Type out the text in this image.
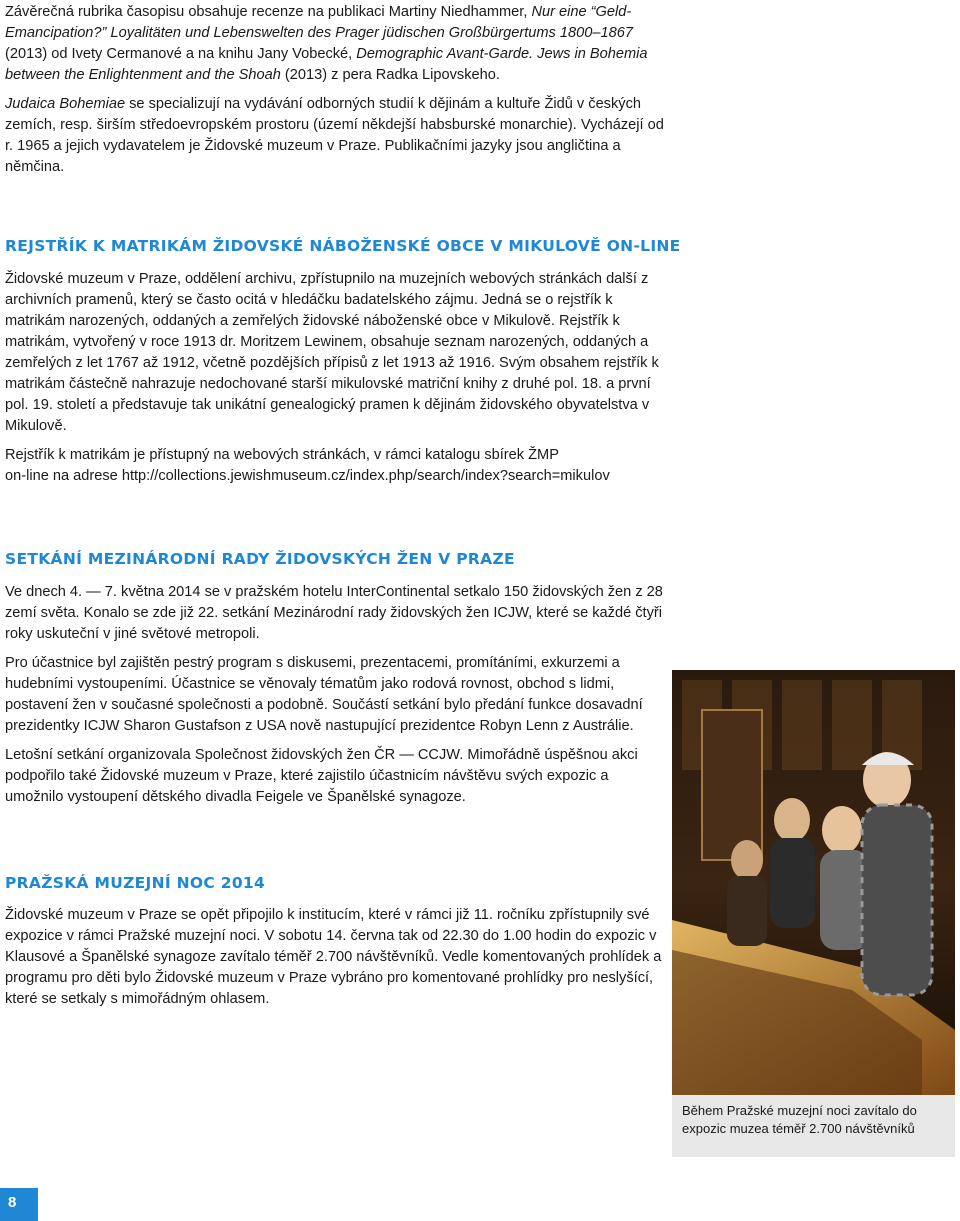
Závěrečná rubrika časopisu obsahuje recenze na publikaci Martiny Niedhammer, Nur eine “Geld-Emancipation?” Loyalitäten und Lebenswelten des Prager jüdischen Großbürgertums 1800–1867 (2013) od Ivety Cermanové a na knihu Jany Vobecké, Demographic Avant-Garde. Jews in Bohemia between the Enlightenment and the Shoah (2013) z pera Radka Lipovskeho.

Judaica Bohemiae se specializují na vydávání odborných studií k dějinám a kultuře Židů v českých zemích, resp. širším středoevropském prostoru (území někdejší habsburské monarchie). Vycházejí od r. 1965 a jejich vydavatelem je Židovské muzeum v Praze. Publikačními jazyky jsou angličtina a němčina.

REJSTŘÍK K MATRIKÁM ŽIDOVSKÉ NÁBOŽENSKÉ OBCE V MIKULOVĚ ON-LINE

Židovské muzeum v Praze, oddělení archivu, zpřístupnilo na muzejních webových stránkách další z archivních pramenů, který se často ocitá v hledáčku badatelského zájmu. Jedná se o rejstřík k matrikám narozených, oddaných a zemřelých židovské náboženské obce v Mikulově. Rejstřík k matrikám, vytvořený v roce 1913 dr. Moritzem Lewinem, obsahuje seznam narozených, oddaných a zemřelých z let 1767 až 1912, včetně pozdějších přípisů z let 1913 až 1916. Svým obsahem rejstřík k matrikám částečně nahrazuje nedochované starší mikulovské matriční knihy z druhé pol. 18. a první pol. 19. století a představuje tak unikátní genealogický pramen k dějinám židovského obyvatelstva v Mikulově.

Rejstřík k matrikám je přístupný na webových stránkách, v rámci katalogu sbírek ŽMP
on-line na adrese http://collections.jewishmuseum.cz/index.php/search/index?search=mikulov

SETKÁNÍ MEZINÁRODNÍ RADY ŽIDOVSKÝCH ŽEN V PRAZE

Ve dnech 4. — 7. května 2014 se v pražském hotelu InterContinental setkalo 150 židovských žen z 28 zemí světa. Konalo se zde již 22. setkání Mezinárodní rady židovských žen ICJW, které se každé čtyři roky uskuteční v jiné světové metropoli.

Pro účastnice byl zajištěn pestrý program s diskusemi, prezentacemi, promítáními, exkurzemi a hudebními vystoupeními. Účastnice se věnovaly tématům jako rodová rovnost, obchod s lidmi, postavení žen v současné společnosti a podobně. Součástí setkání bylo předání funkce dosavadní prezidentky ICJW Sharon Gustafson z USA nově nastupující prezidentce Robyn Lenn z Austrálie.

Letošní setkání organizovala Společnost židovských žen ČR — CCJW. Mimořádně úspěšnou akci podpořilo také Židovské muzeum v Praze, které zajistilo účastnicím návštěvu svých expozic a umožnilo vystoupení dětského divadla Feigele ve Španělské synagoze.

PRAŽSKÁ MUZEJNÍ NOC 2014

Židovské muzeum v Praze se opět připojilo k institucím, které v rámci již 11. ročníku zpřístupnily své expozice v rámci Pražské muzejní noci. V sobotu 14. června tak od 22.30 do 1.00 hodin do expozic v Klausové a Španělské synagoze zavítalo téměř 2.700 návštěvníků. Vedle komentovaných prohlídek a programu pro děti bylo Židovské muzeum v Praze vybráno pro komentované prohlídky pro neslyšící, které se setkaly s mimořádným ohlasem.

Během Pražské muzejní noci zavítalo do expozic muzea téměř 2.700 návštěvníků
8
